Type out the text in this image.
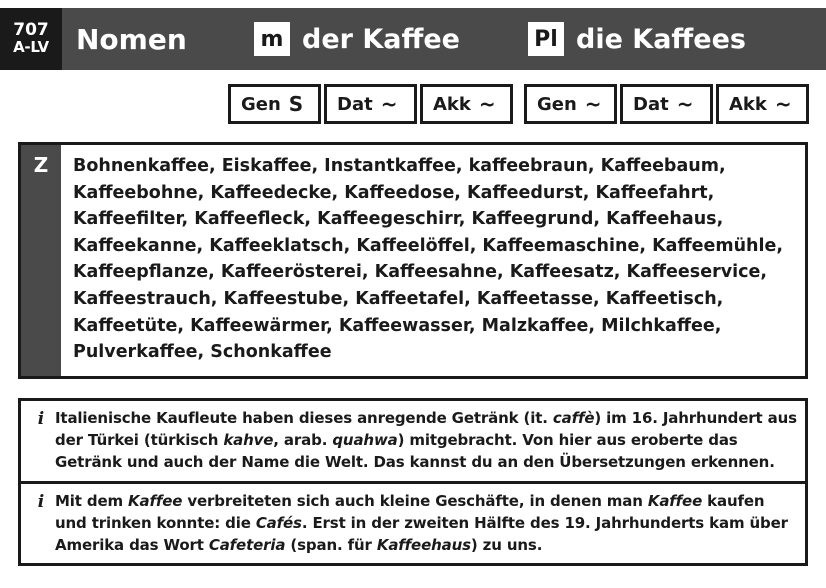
707
A-LV Nomen	m der Kaffee	Pl die Kaffees
Gen S Dat ~ Akk ~ Gen ~ Dat ~ Akk ~
Z	Bohnenkaffee, Eiskaffee, Instantkaffee, kaffeebraun, Kaffeebaum,
Kaffeebohne, Kaffeedecke, Kaffeedose, Kaffeedurst, Kaffeefahrt,
Kaffeefilter, Kaffeefleck, Kaffeegeschirr, Kaffeegrund, Kaffeehaus,
Kaffeekanne, Kaffeeklatsch, Kaffeelöffel, Kaffeemaschine, Kaffeemühle,
Kaffeepflanze, Kaffeerösterei, Kaffeesahne, Kaffeesatz, Kaffeeservice,
Kaffeestrauch, Kaffeestube, Kaffeetafel, Kaffeetasse, Kaffeetisch,
Kaffeetüte, Kaffeewärmer, Kaffeewasser, Malzkaffee, Milchkaffee,
Pulverkaffee, Schonkaffee
i Italienische Kaufleute haben dieses anregende Getränk (it. caffè) im 16. Jahrhundert aus der Türkei (türkisch kahve, arab. quahwa) mitgebracht. Von hier aus eroberte das Getränk und auch der Name die Welt. Das kannst du an den Übersetzungen erkennen.
i Mit dem Kaffee verbreiteten sich auch kleine Geschäfte, in denen man Kaffee kaufen und trinken konnte: die Cafés. Erst in der zweiten Hälfte des 19. Jahrhunderts kam über Amerika das Wort Cafeteria (span. für Kaffeehaus) zu uns.
